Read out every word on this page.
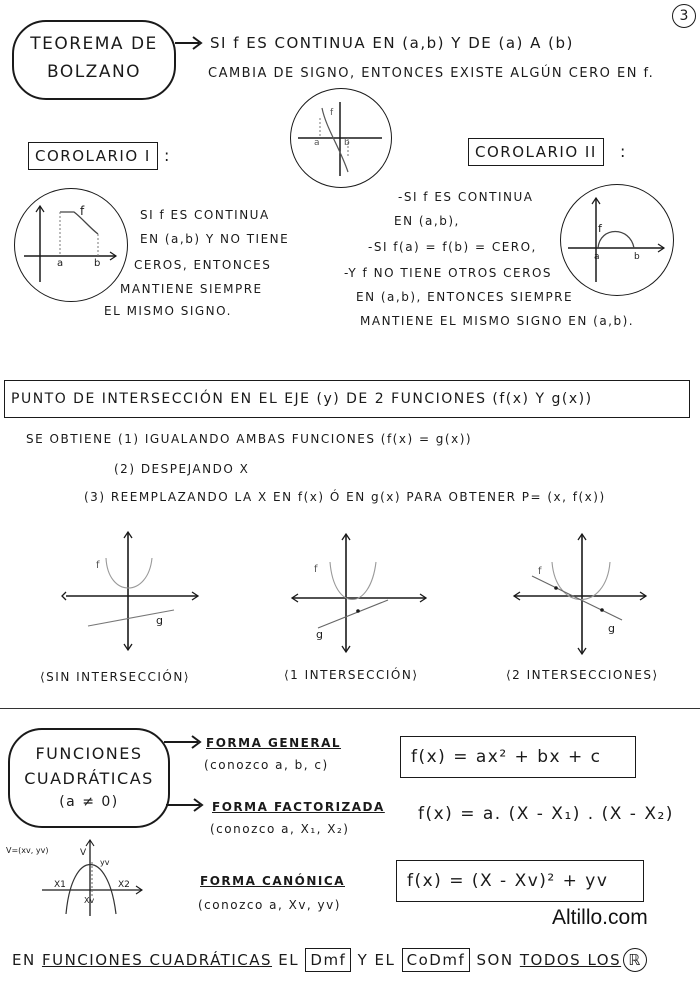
3
TEOREMA DE
BOLZANO
SI f ES CONTINUA EN (a,b) Y DE (a) A (b)
CAMBIA DE SIGNO, ENTONCES EXISTE ALGÚN CERO EN f.
f
a	b
COROLARIO I :
f
a	b
SI f ES CONTINUA
EN (a,b) Y NO TIENE
CEROS, ENTONCES
MANTIENE SIEMPRE
EL MISMO SIGNO.
COROLARIO II	:
-SI f ES CONTINUA
EN (a,b),
-SI f(a) = f(b) = CERO,
-Y f NO TIENE OTROS CEROS
EN (a,b), ENTONCES SIEMPRE
MANTIENE EL MISMO SIGNO EN (a,b).
f
a	b
PUNTO DE INTERSECCIÓN EN EL EJE (y) DE 2 FUNCIONES (f(x) Y g(x))
SE OBTIENE (1) IGUALANDO AMBAS FUNCIONES (f(x) = g(x))
(2) DESPEJANDO X
(3) REEMPLAZANDO LA X EN f(x) Ó EN g(x) PARA OBTENER P= (x, f(x))
f
g
⟨SIN INTERSECCIÓN⟩
f
g
⟨1 INTERSECCIÓN⟩
f
g
⟨2 INTERSECCIONES⟩
FUNCIONES
CUADRÁTICAS
(a ≠ 0)
FORMA GENERAL
(conozco a, b, c)	f(x) = ax² + bx + c
FORMA FACTORIZADA
(conozco a, X₁, X₂)
f(x) = a. (X - X₁) . (X - X₂)
FORMA CANÓNICA
(conozco a, Xv, yv)
f(x) = (X - Xv)² + yv
V=(xv, yv)	V
yv
X1	X2
Xv
Altillo.com
EN FUNCIONES CUADRÁTICAS EL Dmf Y EL CoDmf SON TODOS LOS ℝ
